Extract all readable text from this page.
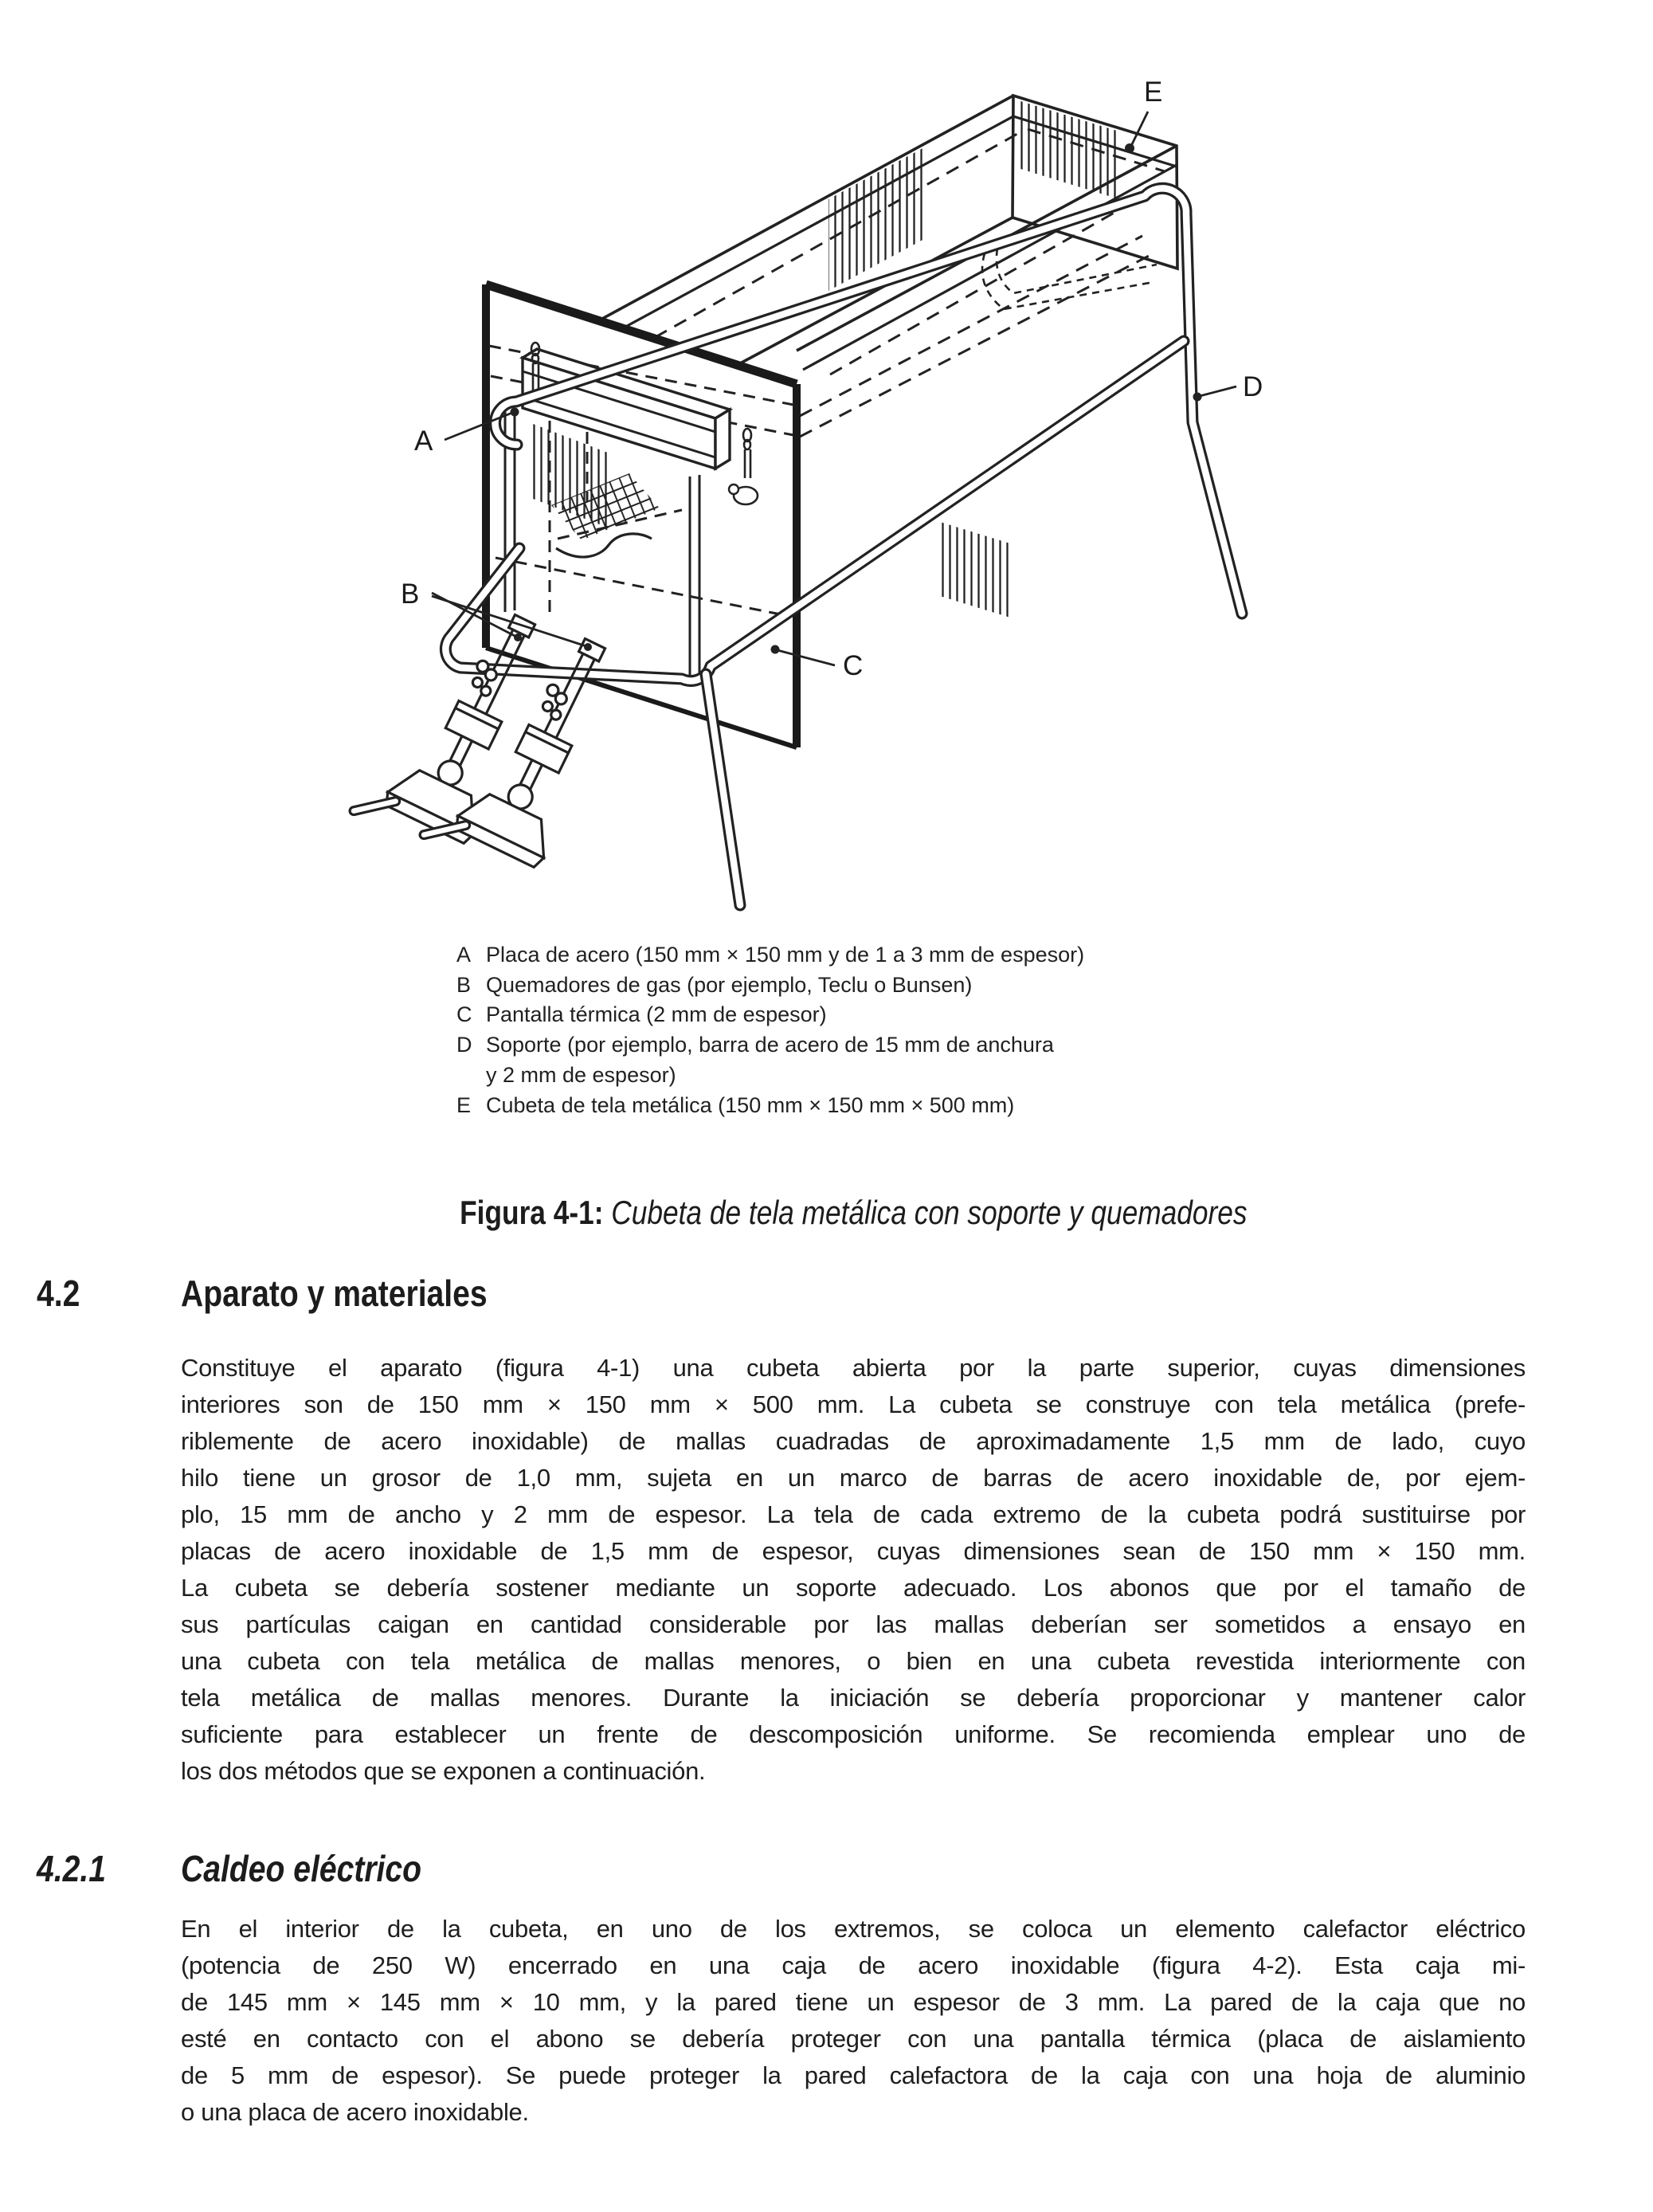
A
B
C
D
E
A Placa de acero (150 mm × 150 mm y de 1 a 3 mm de espesor)
B Quemadores de gas (por ejemplo, Teclu o Bunsen)
C Pantalla térmica (2 mm de espesor)
D Soporte (por ejemplo, barra de acero de 15 mm de anchura
y 2 mm de espesor)
E Cubeta de tela metálica (150 mm × 150 mm × 500 mm)
Figura 4-1: Cubeta de tela metálica con soporte y quemadores
4.2	Aparato y materiales
Constituye el aparato (figura 4-1) una cubeta abierta por la parte superior, cuyas dimensiones
interiores son de 150 mm × 150 mm × 500 mm. La cubeta se construye con tela metálica (prefe-
riblemente de acero inoxidable) de mallas cuadradas de aproximadamente 1,5 mm de lado, cuyo
hilo tiene un grosor de 1,0 mm, sujeta en un marco de barras de acero inoxidable de, por ejem-
plo, 15 mm de ancho y 2 mm de espesor. La tela de cada extremo de la cubeta podrá sustituirse por
placas de acero inoxidable de 1,5 mm de espesor, cuyas dimensiones sean de 150 mm × 150 mm.
La cubeta se debería sostener mediante un soporte adecuado. Los abonos que por el tamaño de
sus partículas caigan en cantidad considerable por las mallas deberían ser sometidos a ensayo en
una cubeta con tela metálica de mallas menores, o bien en una cubeta revestida interiormente con
tela metálica de mallas menores. Durante la iniciación se debería proporcionar y mantener calor
suficiente para establecer un frente de descomposición uniforme. Se recomienda emplear uno de
los dos métodos que se exponen a continuación.
4.2.1 Caldeo eléctrico
En el interior de la cubeta, en uno de los extremos, se coloca un elemento calefactor eléctrico
(potencia de 250 W) encerrado en una caja de acero inoxidable (figura 4-2). Esta caja mi-
de 145 mm × 145 mm × 10 mm, y la pared tiene un espesor de 3 mm. La pared de la caja que no
esté en contacto con el abono se debería proteger con una pantalla térmica (placa de aislamiento
de 5 mm de espesor). Se puede proteger la pared calefactora de la caja con una hoja de aluminio
o una placa de acero inoxidable.
